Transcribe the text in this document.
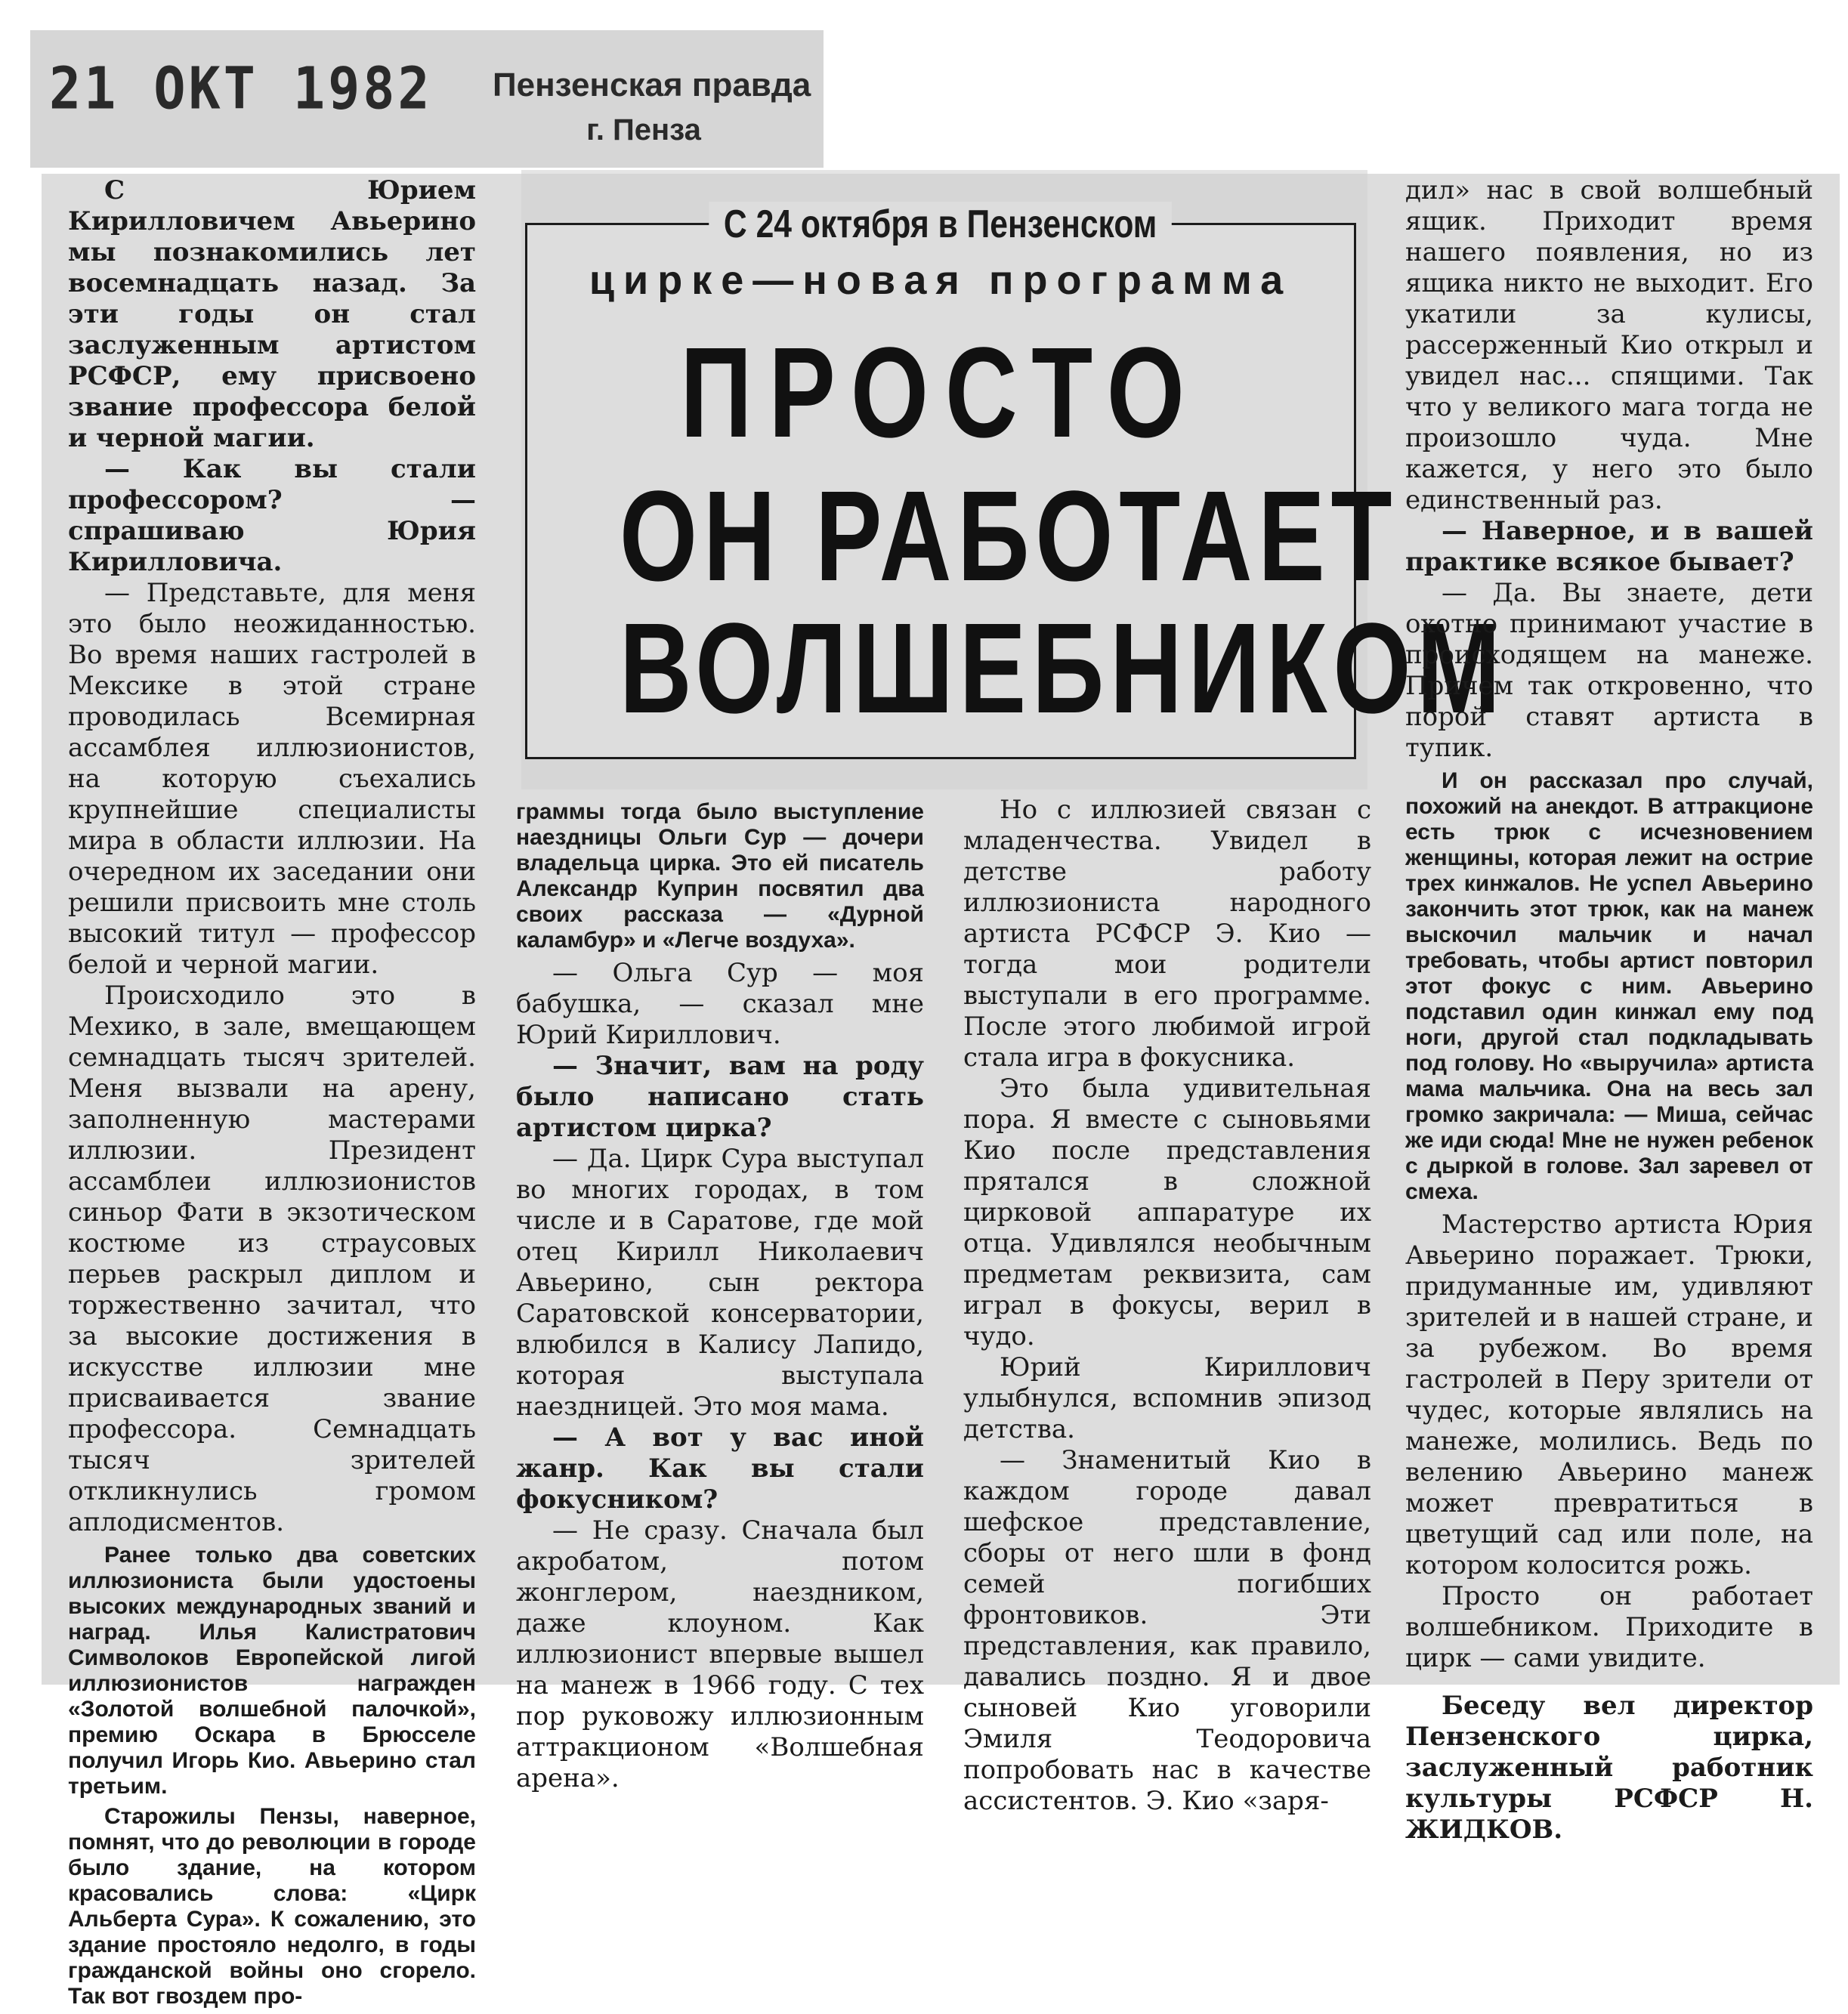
21 ОКТ 1982 Пензенская правда
г. Пенза
С 24 октября в Пензенском
цирке—новая программа
ПРОСТО
ОН РАБОТАЕТ
ВОЛШЕБНИКОМ

С Юрием Кирилловичем Авьерино мы познакомились лет восемнадцать назад. За эти годы он стал заслуженным артистом РСФСР, ему присвоено звание профессора белой и черной магии.

— Как вы стали профессором? — спрашиваю Юрия Кирилловича.

— Представьте, для меня это было неожиданностью. Во время наших гастролей в Мексике в этой стране проводилась Всемирная ассамблея иллюзионистов, на которую съехались крупнейшие специалисты мира в области иллюзии. На очередном их заседании они решили присвоить мне столь высокий титул — профессор белой и черной магии.

Происходило это в Мехико, в зале, вмещающем семнадцать тысяч зрителей. Меня вызвали на арену, заполненную мастерами иллюзии. Президент ассамблеи иллюзионистов синьор Фати в экзотическом костюме из страусовых перьев раскрыл диплом и торжественно зачитал, что за высокие достижения в искусстве иллюзии мне присваивается звание профессора. Семнадцать тысяч зрителей откликнулись громом аплодисментов.

Ранее только два советских иллюзиониста были удостоены высоких международных званий и наград. Илья Калистратович Символоков Европейской лигой иллюзионистов награжден «Золотой волшебной палочкой», премию Оскара в Брюсселе получил Игорь Кио. Авьерино стал третьим.

Старожилы Пензы, наверное, помнят, что до революции в городе было здание, на котором красовались слова: «Цирк Альберта Сура». К сожалению, это здание простояло недолго, в годы гражданской войны оно сгорело. Так вот гвоздем про-

граммы тогда было выступление наездницы Ольги Сур — дочери владельца цирка. Это ей писатель Александр Куприн посвятил два своих рассказа — «Дурной каламбур» и «Легче воздуха».

— Ольга Сур — моя бабушка, — сказал мне Юрий Кириллович.

— Значит, вам на роду было написано стать артистом цирка?

— Да. Цирк Сура выступал во многих городах, в том числе и в Саратове, где мой отец Кирилл Николаевич Авьерино, сын ректора Саратовской консерватории, влюбился в Калису Лапидо, которая выступала наездницей. Это моя мама.

— А вот у вас иной жанр. Как вы стали фокусником?

— Не сразу. Сначала был акробатом, потом жонглером, наездником, даже клоуном. Как иллюзионист впервые вышел на манеж в 1966 году. С тех пор руковожу иллюзионным аттракционом «Волшебная арена».

Но с иллюзией связан с младенчества. Увидел в детстве работу иллюзиониста народного артиста РСФСР Э. Кио — тогда мои родители выступали в его программе. После этого любимой игрой стала игра в фокусника.

Это была удивительная пора. Я вместе с сыновьями Кио после представления прятался в сложной цирковой аппаратуре их отца. Удивлялся необычным предметам реквизита, сам играл в фокусы, верил в чудо.

Юрий Кириллович улыбнулся, вспомнив эпизод детства.

— Знаменитый Кио в каждом городе давал шефское представление, сборы от него шли в фонд семей погибших фронтовиков. Эти представления, как правило, давались поздно. Я и двое сыновей Кио уговорили Эмиля Теодоровича попробовать нас в качестве ассистентов. Э. Кио «заря-

дил» нас в свой волшебный ящик. Приходит время нашего появления, но из ящика никто не выходит. Его укатили за кулисы, рассерженный Кио открыл и увидел нас... спящими. Так что у великого мага тогда не произошло чуда. Мне кажется, у него это было единственный раз.

— Наверное, и в вашей практике всякое бывает?

— Да. Вы знаете, дети охотно принимают участие в происходящем на манеже. Причем так откровенно, что порой ставят артиста в тупик.

И он рассказал про случай, похожий на анекдот. В аттракционе есть трюк с исчезновением женщины, которая лежит на острие трех кинжалов. Не успел Авьерино закончить этот трюк, как на манеж выскочил мальчик и начал требовать, чтобы артист повторил этот фокус с ним. Авьерино подставил один кинжал ему под ноги, другой стал подкладывать под голову. Но «выручила» артиста мама мальчика. Она на весь зал громко закричала: — Миша, сейчас же иди сюда! Мне не нужен ребенок с дыркой в голове. Зал заревел от смеха.

Мастерство артиста Юрия Авьерино поражает. Трюки, придуманные им, удивляют зрителей и в нашей стране, и за рубежом. Во время гастролей в Перу зрители от чудес, которые являлись на манеже, молились. Ведь по велению Авьерино манеж может превратиться в цветущий сад или поле, на котором колосится рожь.

Просто он работает волшебником. Приходите в цирк — сами увидите.

Беседу вел директор Пензенского цирка, заслуженный работник культуры РСФСР Н. ЖИДКОВ.
